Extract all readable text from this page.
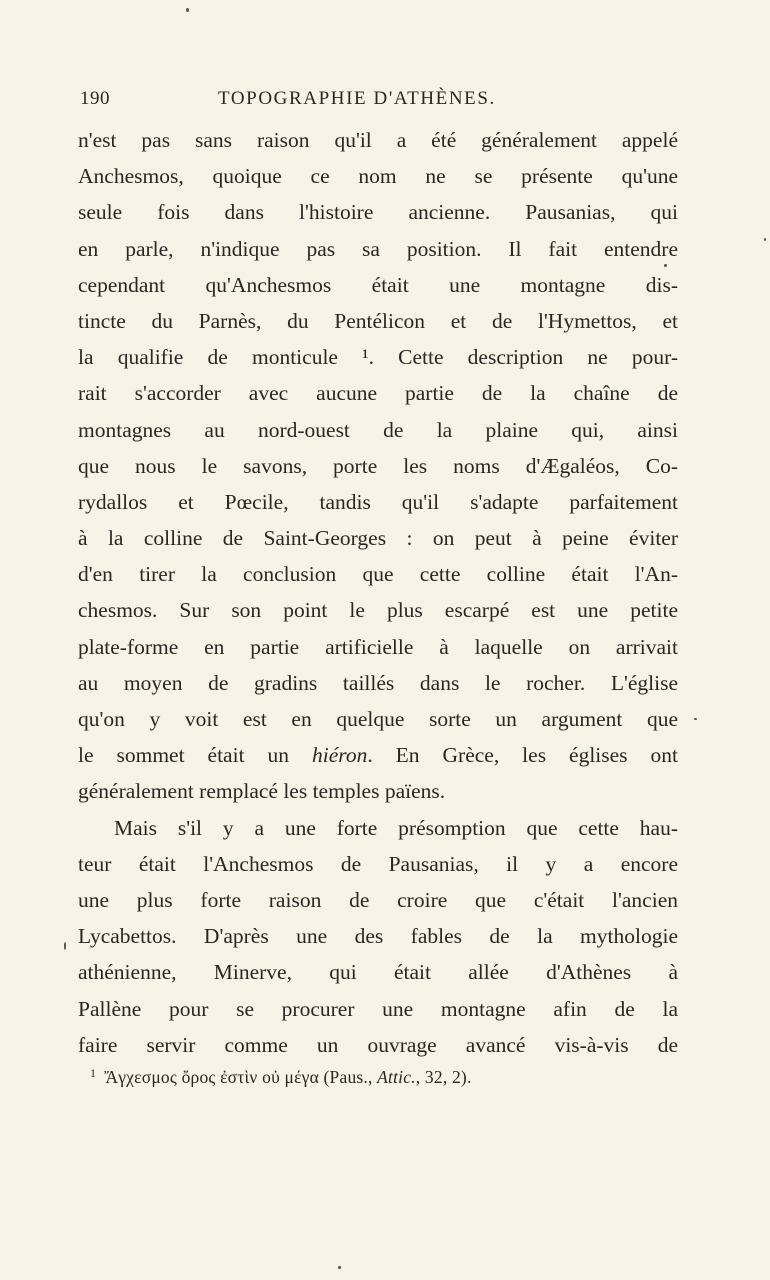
190	TOPOGRAPHIE D'ATHÈNES.
n'est pas sans raison qu'il a été généralement appelé
Anchesmos, quoique ce nom ne se présente qu'une
seule fois dans l'histoire ancienne. Pausanias, qui
en parle, n'indique pas sa position. Il fait entendre
cependant qu'Anchesmos était une montagne dis-
tincte du Parnès, du Pentélicon et de l'Hymettos, et
la qualifie de monticule ¹. Cette description ne pour-
rait s'accorder avec aucune partie de la chaîne de
montagnes au nord-ouest de la plaine qui, ainsi
que nous le savons, porte les noms d'Ægaléos, Co-
rydallos et Pœcile, tandis qu'il s'adapte parfaitement
à la colline de Saint-Georges : on peut à peine éviter
d'en tirer la conclusion que cette colline était l'An-
chesmos. Sur son point le plus escarpé est une petite
plate-forme en partie artificielle à laquelle on arrivait
au moyen de gradins taillés dans le rocher. L'église
qu'on y voit est en quelque sorte un argument que
le sommet était un hiéron. En Grèce, les églises ont
généralement remplacé les temples païens.
Mais s'il y a une forte présomption que cette hau-
teur était l'Anchesmos de Pausanias, il y a encore
une plus forte raison de croire que c'était l'ancien
Lycabettos. D'après une des fables de la mythologie
athénienne, Minerve, qui était allée d'Athènes à
Pallène pour se procurer une montagne afin de la
faire servir comme un ouvrage avancé vis-à-vis de
$^1$ Ἄγχεσμος ὄρος ἐστὶν οὐ μέγα (Paus., Attic., 32, 2).
